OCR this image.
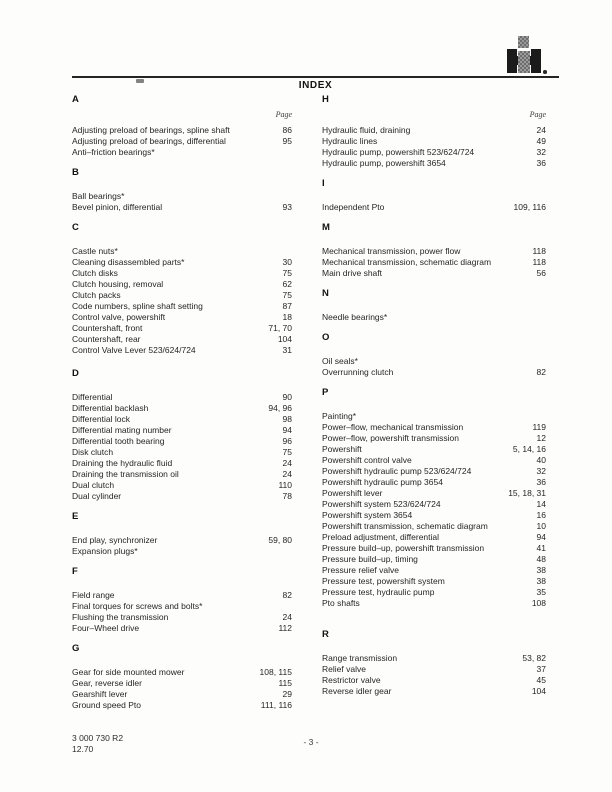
INDEX
A
Page
Adjusting preload of bearings, spline shaft	86
Adjusting preload of bearings, differential	95
Anti–friction bearings*
B
Ball bearings*
Bevel pinion, differential	93
C
Castle nuts*
Cleaning disassembled parts*	30
Clutch disks	75
Clutch housing, removal	62
Clutch packs	75
Code numbers, spline shaft setting	87
Control valve, powershift	18
Countershaft, front	71, 70
Countershaft, rear	104
Control Valve Lever 523/624/724	31
D
Differential	90
Differential backlash	94, 96
Differential lock	98
Differential mating number	94
Differential tooth bearing	96
Disk clutch	75
Draining the hydraulic fluid	24
Draining the transmission oil	24
Dual clutch	110
Dual cylinder	78
E
End play, synchronizer	59, 80
Expansion plugs*
F
Field range	82
Final torques for screws and bolts*
Flushing the transmission	24
Four–Wheel drive	112
G
Gear for side mounted mower	108, 115
Gear, reverse idler	115
Gearshift lever	29
Ground speed Pto	111, 116
H
Page
Hydraulic fluid, draining	24
Hydraulic lines	49
Hydraulic pump, powershift 523/624/724	32
Hydraulic pump, powershift 3654	36
I
Independent Pto	109, 116
M
Mechanical transmission, power flow	118
Mechanical transmission, schematic diagram	118
Main drive shaft	56
N
Needle bearings*
O
Oil seals*
Overrunning clutch	82
P
Painting*
Power–flow, mechanical transmission	119
Power–flow, powershift transmission	12
Powershift	5, 14, 16
Powershift control valve	40
Powershift hydraulic pump 523/624/724	32
Powershift hydraulic pump 3654	36
Powershift lever	15, 18, 31
Powershift system 523/624/724	14
Powershift system 3654	16
Powershift transmission, schematic diagram	10
Preload adjustment, differential	94
Pressure build–up, powershift transmission	41
Pressure build–up, timing	48
Pressure relief valve	38
Pressure test, powershift system	38
Pressure test, hydraulic pump	35
Pto shafts	108
R
Range transmission	53, 82
Relief valve	37
Restrictor valve	45
Reverse idler gear	104
3 000 730 R2
12.70
- 3 -
